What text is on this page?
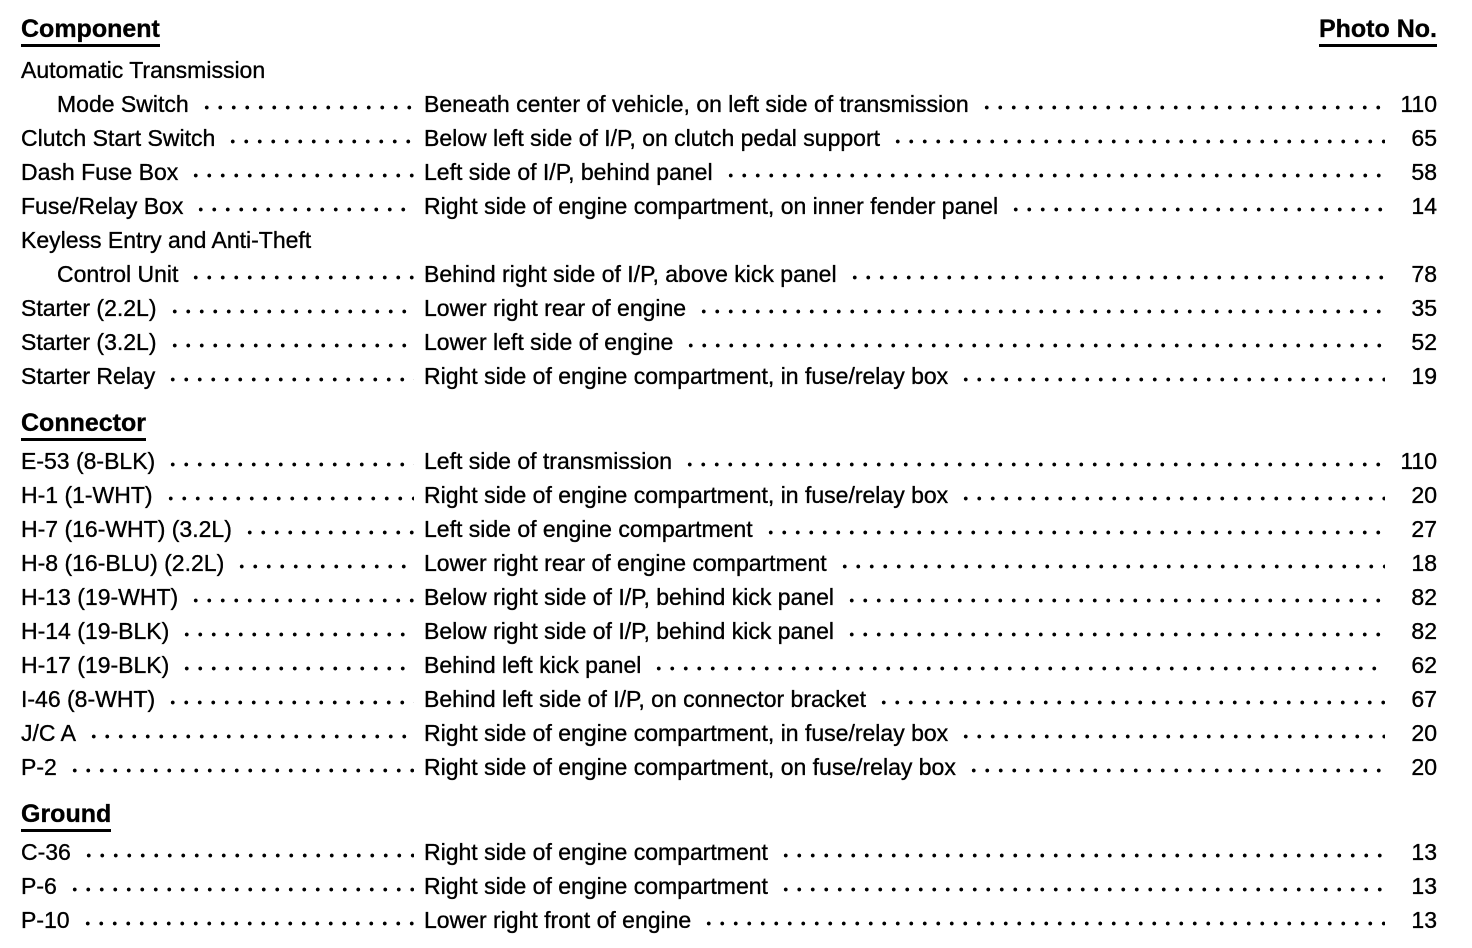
Component	Photo No.
Automatic Transmission
Mode Switch	Beneath center of vehicle, on left side of transmission	110
Clutch Start Switch	Below left side of I/P, on clutch pedal support	65
Dash Fuse Box	Left side of I/P, behind panel	58
Fuse/Relay Box	Right side of engine compartment, on inner fender panel	14
Keyless Entry and Anti-Theft
Control Unit	Behind right side of I/P, above kick panel	78
Starter (2.2L)	Lower right rear of engine	35
Starter (3.2L)	Lower left side of engine	52
Starter Relay	Right side of engine compartment, in fuse/relay box	19
Connector
E-53 (8-BLK)	Left side of transmission	110
H-1 (1-WHT)	Right side of engine compartment, in fuse/relay box	20
H-7 (16-WHT) (3.2L)	Left side of engine compartment	27
H-8 (16-BLU) (2.2L)	Lower right rear of engine compartment	18
H-13 (19-WHT)	Below right side of I/P, behind kick panel	82
H-14 (19-BLK)	Below right side of I/P, behind kick panel	82
H-17 (19-BLK)	Behind left kick panel	62
I-46 (8-WHT)	Behind left side of I/P, on connector bracket	67
J/C A	Right side of engine compartment, in fuse/relay box	20
P-2	Right side of engine compartment, on fuse/relay box	20
Ground
C-36	Right side of engine compartment	13
P-6	Right side of engine compartment	13
P-10	Lower right front of engine	13
